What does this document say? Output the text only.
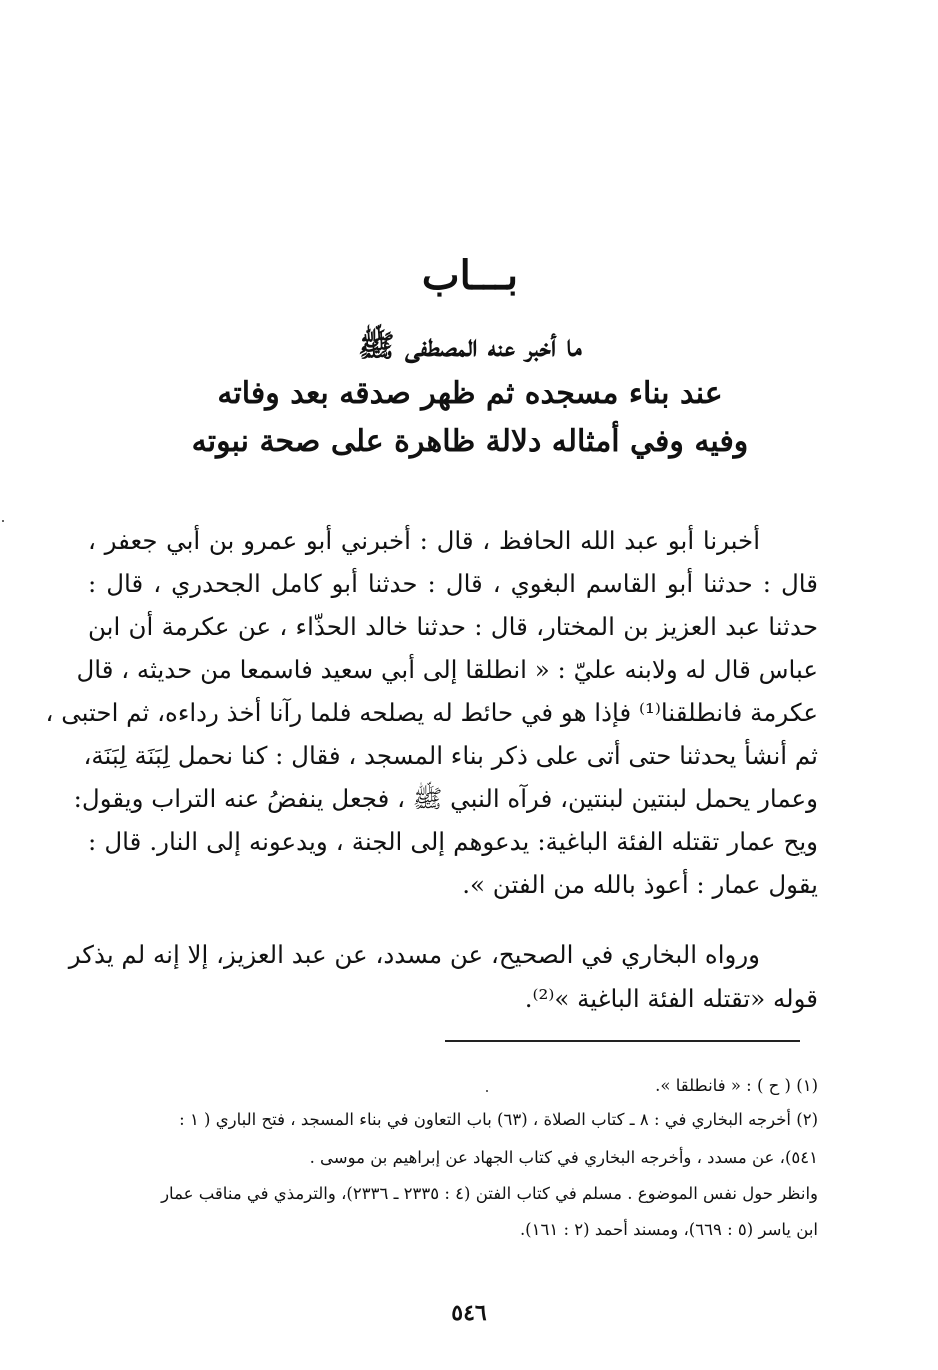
بـــاب
ما أخبر عنه المصطفى ﷺ
عند بناء مسجده ثم ظهر صدقه بعد وفاته
وفيه وفي أمثاله دلالة ظاهرة على صحة نبوته
أخبرنا أبو عبد الله الحافظ ، قال : أخبرني أبو عمرو بن أبي جعفر ،
قال : حدثنا أبو القاسم البغوي ، قال : حدثنا أبو كامل الجحدري ، قال :
حدثنا عبد العزيز بن المختار، قال : حدثنا خالد الحذّاء ، عن عكرمة أن ابن
عباس قال له ولابنه عليّ : « انطلقا إلى أبي سعيد فاسمعا من حديثه ، قال
عكرمة فانطلقنا⁽¹⁾ فإذا هو في حائط له يصلحه فلما رآنا أخذ رداءه، ثم احتبى ،
ثم أنشأ يحدثنا حتى أتى على ذكر بناء المسجد ، فقال : كنا نحمل لِبَنَة لِبَنَة،
وعمار يحمل لبنتين لبنتين، فرآه النبي ﷺ ، فجعل ينفضُ عنه التراب ويقول:
ويح عمار تقتله الفئة الباغية: يدعوهم إلى الجنة ، ويدعونه إلى النار. قال :
يقول عمار : أعوذ بالله من الفتن ».
ورواه البخاري في الصحيح، عن مسدد، عن عبد العزيز، إلا إنه لم يذكر
قوله «تقتله الفئة الباغية »⁽²⁾.
(١) ( ح ) : « فانطلقا ».
(٢) أخرجه البخاري في : ٨ ـ كتاب الصلاة ، (٦٣) باب التعاون في بناء المسجد ، فتح الباري ( ١ :
٥٤١)، عن مسدد ، وأخرجه البخاري في كتاب الجهاد عن إبراهيم بن موسى .
وانظر حول نفس الموضوع . مسلم في كتاب الفتن (٤ : ٢٣٣٥ ـ ٢٣٣٦)، والترمذي في مناقب عمار
ابن ياسر (٥ : ٦٦٩)، ومسند أحمد (٢ : ١٦١).
٥٤٦
